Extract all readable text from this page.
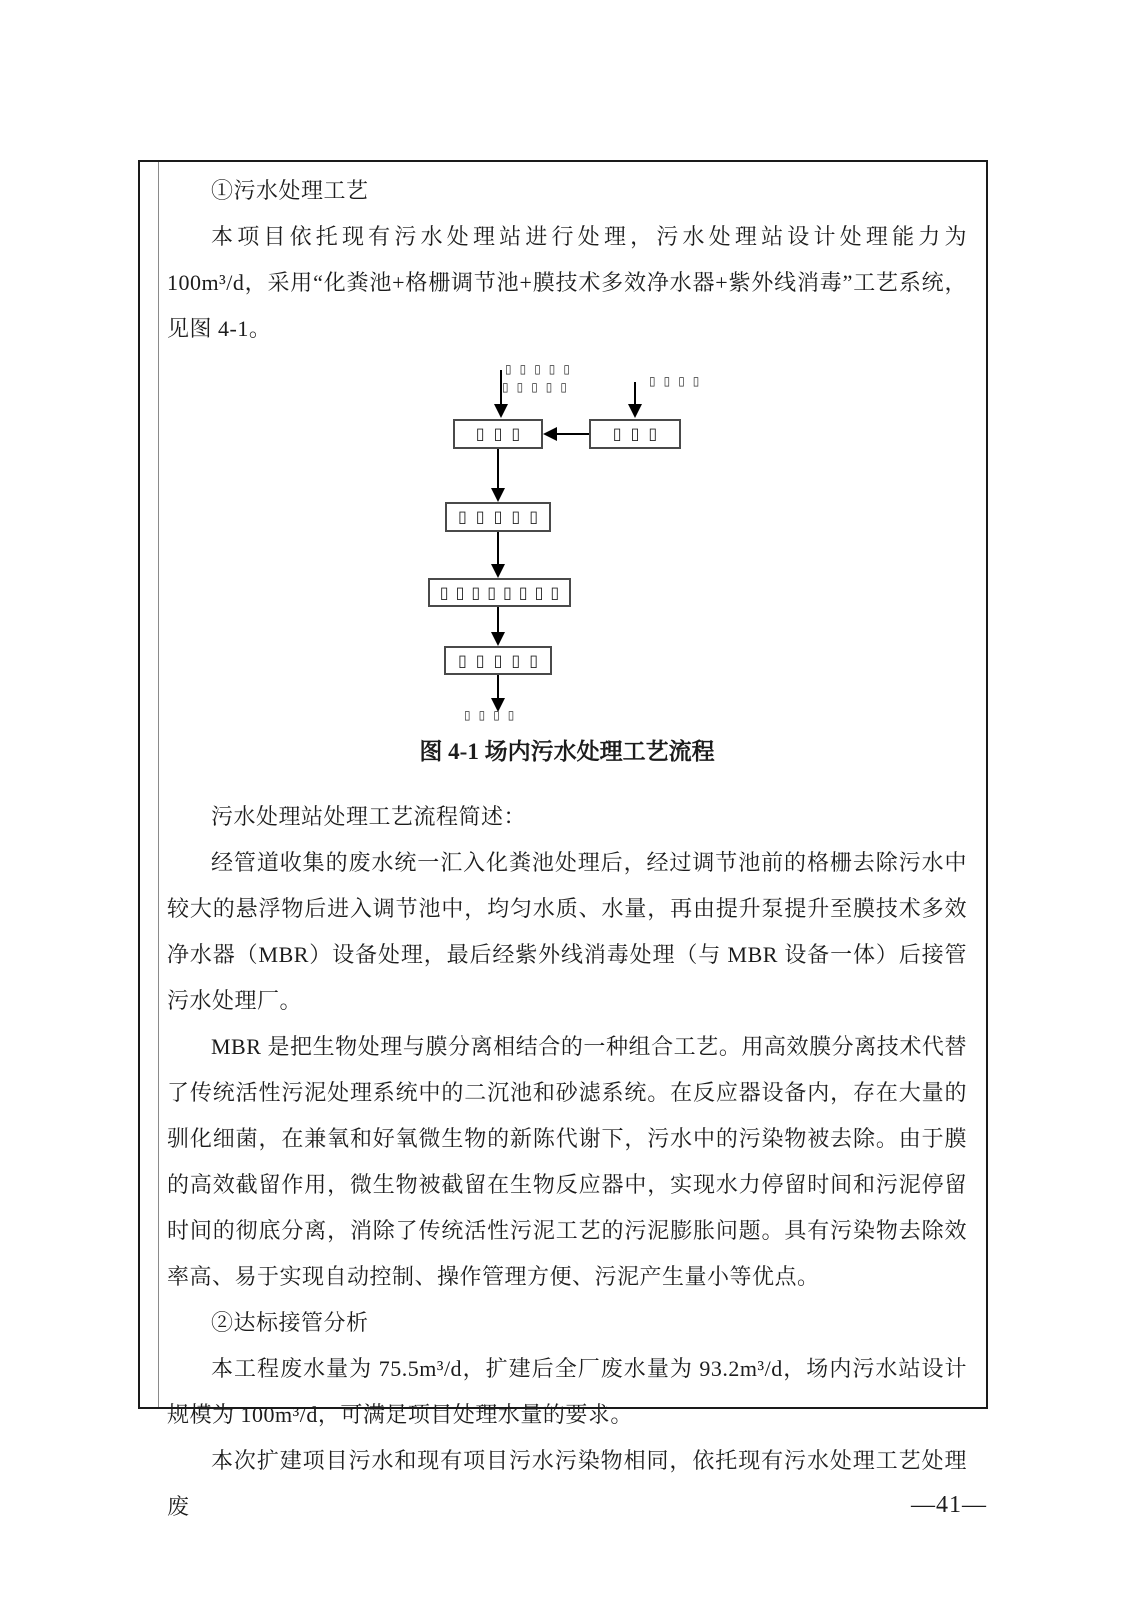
①污水处理工艺

本项目依托现有污水处理站进行处理，污水处理站设计处理能力为 100m³/d，采用“化粪池+格栅调节池+膜技术多效净水器+紫外线消毒”工艺系统，见图 4-1。

▯▯▯▯▯
▯▯▯▯▯	▯▯▯▯
▯▯▯	▯▯▯
▯▯▯▯▯
▯▯▯▯▯▯▯▯
▯▯▯▯▯
▯▯▯▯

图 4-1 场内污水处理工艺流程

污水处理站处理工艺流程简述：

经管道收集的废水统一汇入化粪池处理后，经过调节池前的格栅去除污水中较大的悬浮物后进入调节池中，均匀水质、水量，再由提升泵提升至膜技术多效净水器（MBR）设备处理，最后经紫外线消毒处理（与 MBR 设备一体）后接管污水处理厂。

MBR 是把生物处理与膜分离相结合的一种组合工艺。用高效膜分离技术代替了传统活性污泥处理系统中的二沉池和砂滤系统。在反应器设备内，存在大量的驯化细菌，在兼氧和好氧微生物的新陈代谢下，污水中的污染物被去除。由于膜的高效截留作用，微生物被截留在生物反应器中，实现水力停留时间和污泥停留时间的彻底分离，消除了传统活性污泥工艺的污泥膨胀问题。具有污染物去除效率高、易于实现自动控制、操作管理方便、污泥产生量小等优点。

②达标接管分析

本工程废水量为 75.5m³/d，扩建后全厂废水量为 93.2m³/d，场内污水站设计规模为 100m³/d，可满足项目处理水量的要求。

本次扩建项目污水和现有项目污水污染物相同，依托现有污水处理工艺处理废	—41—
